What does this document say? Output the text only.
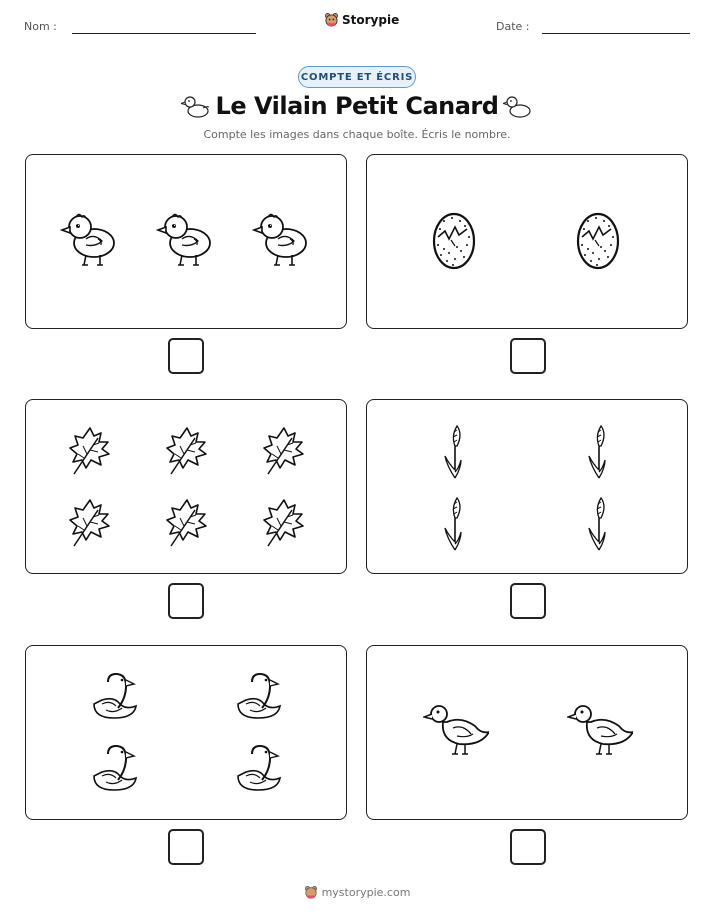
Nom :	Storypie	Date :
COMPTE ET ÉCRIS
Le Vilain Petit Canard
Compte les images dans chaque boîte. Écris le nombre.
mystorypie.com
